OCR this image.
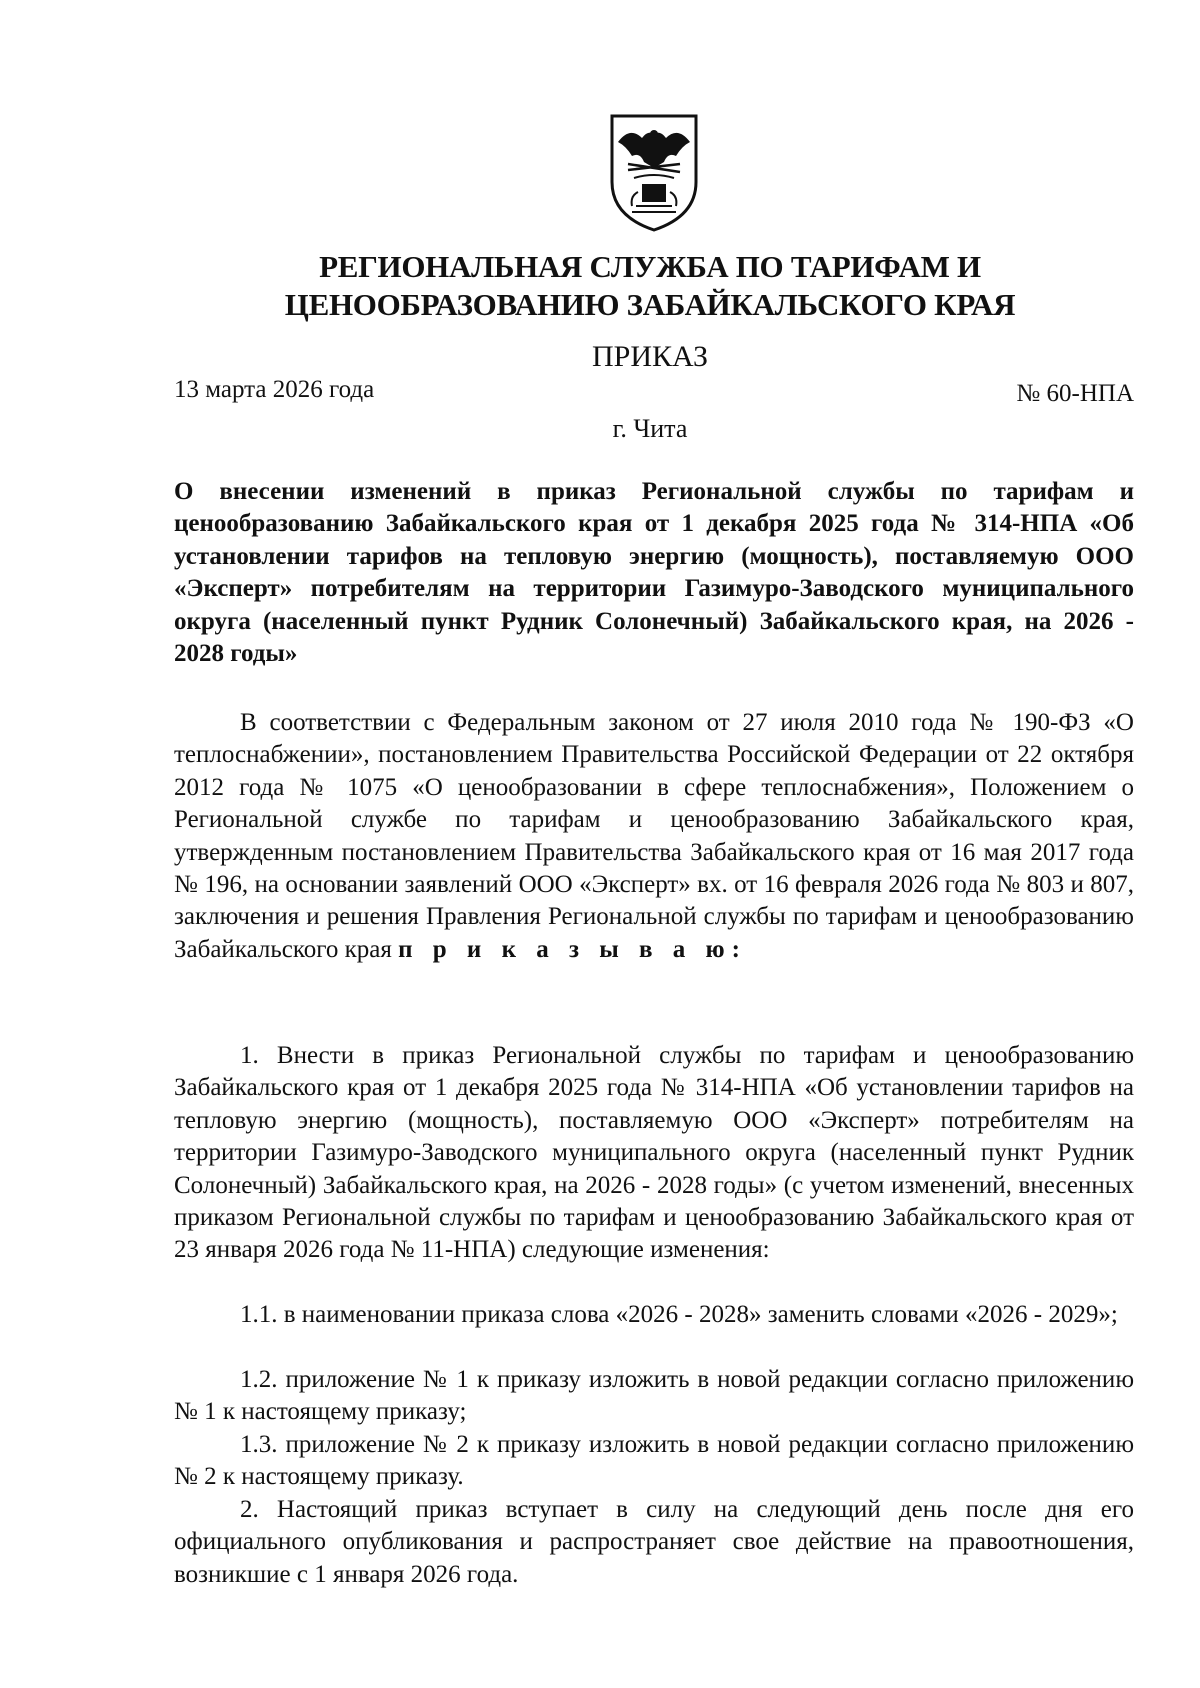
РЕГИОНАЛЬНАЯ СЛУЖБА ПО ТАРИФАМ И
ЦЕНООБРАЗОВАНИЮ ЗАБАЙКАЛЬСКОГО КРАЯ
ПРИКАЗ
13 марта 2026 года	№ 60-НПА
г. Чита
О внесении изменений в приказ Региональной службы по тарифам и ценообразованию Забайкальского края от 1 декабря 2025 года № 314-НПА «Об установлении тарифов на тепловую энергию (мощность), поставляемую ООО «Эксперт» потребителям на территории Газимуро-Заводского муниципального округа (населенный пункт Рудник Солонечный) Забайкальского края, на 2026 - 2028 годы»
В соответствии с Федеральным законом от 27 июля 2010 года № 190-ФЗ «О теплоснабжении», постановлением Правительства Российской Федерации от 22 октября 2012 года № 1075 «О ценообразовании в сфере теплоснабжения», Положением о Региональной службе по тарифам и ценообразованию Забайкальского края, утвержденным постановлением Правительства Забайкальского края от 16 мая 2017 года № 196, на основании заявлений ООО «Эксперт» вх. от 16 февраля 2026 года № 803 и 807, заключения и решения Правления Региональной службы по тарифам и ценообразованию Забайкальского края п р и к а з ы в а ю:
1. Внести в приказ Региональной службы по тарифам и ценообразованию Забайкальского края от 1 декабря 2025 года № 314-НПА «Об установлении тарифов на тепловую энергию (мощность), поставляемую ООО «Эксперт» потребителям на территории Газимуро-Заводского муниципального округа (населенный пункт Рудник Солонечный) Забайкальского края, на 2026 - 2028 годы» (с учетом изменений, внесенных приказом Региональной службы по тарифам и ценообразованию Забайкальского края от 23 января 2026 года № 11-НПА) следующие изменения:
1.1. в наименовании приказа слова «2026 - 2028» заменить словами «2026 - 2029»;
1.2. приложение № 1 к приказу изложить в новой редакции согласно приложению № 1 к настоящему приказу;
1.3. приложение № 2 к приказу изложить в новой редакции согласно приложению № 2 к настоящему приказу.
2. Настоящий приказ вступает в силу на следующий день после дня его официального опубликования и распространяет свое действие на правоотношения, возникшие с 1 января 2026 года.
